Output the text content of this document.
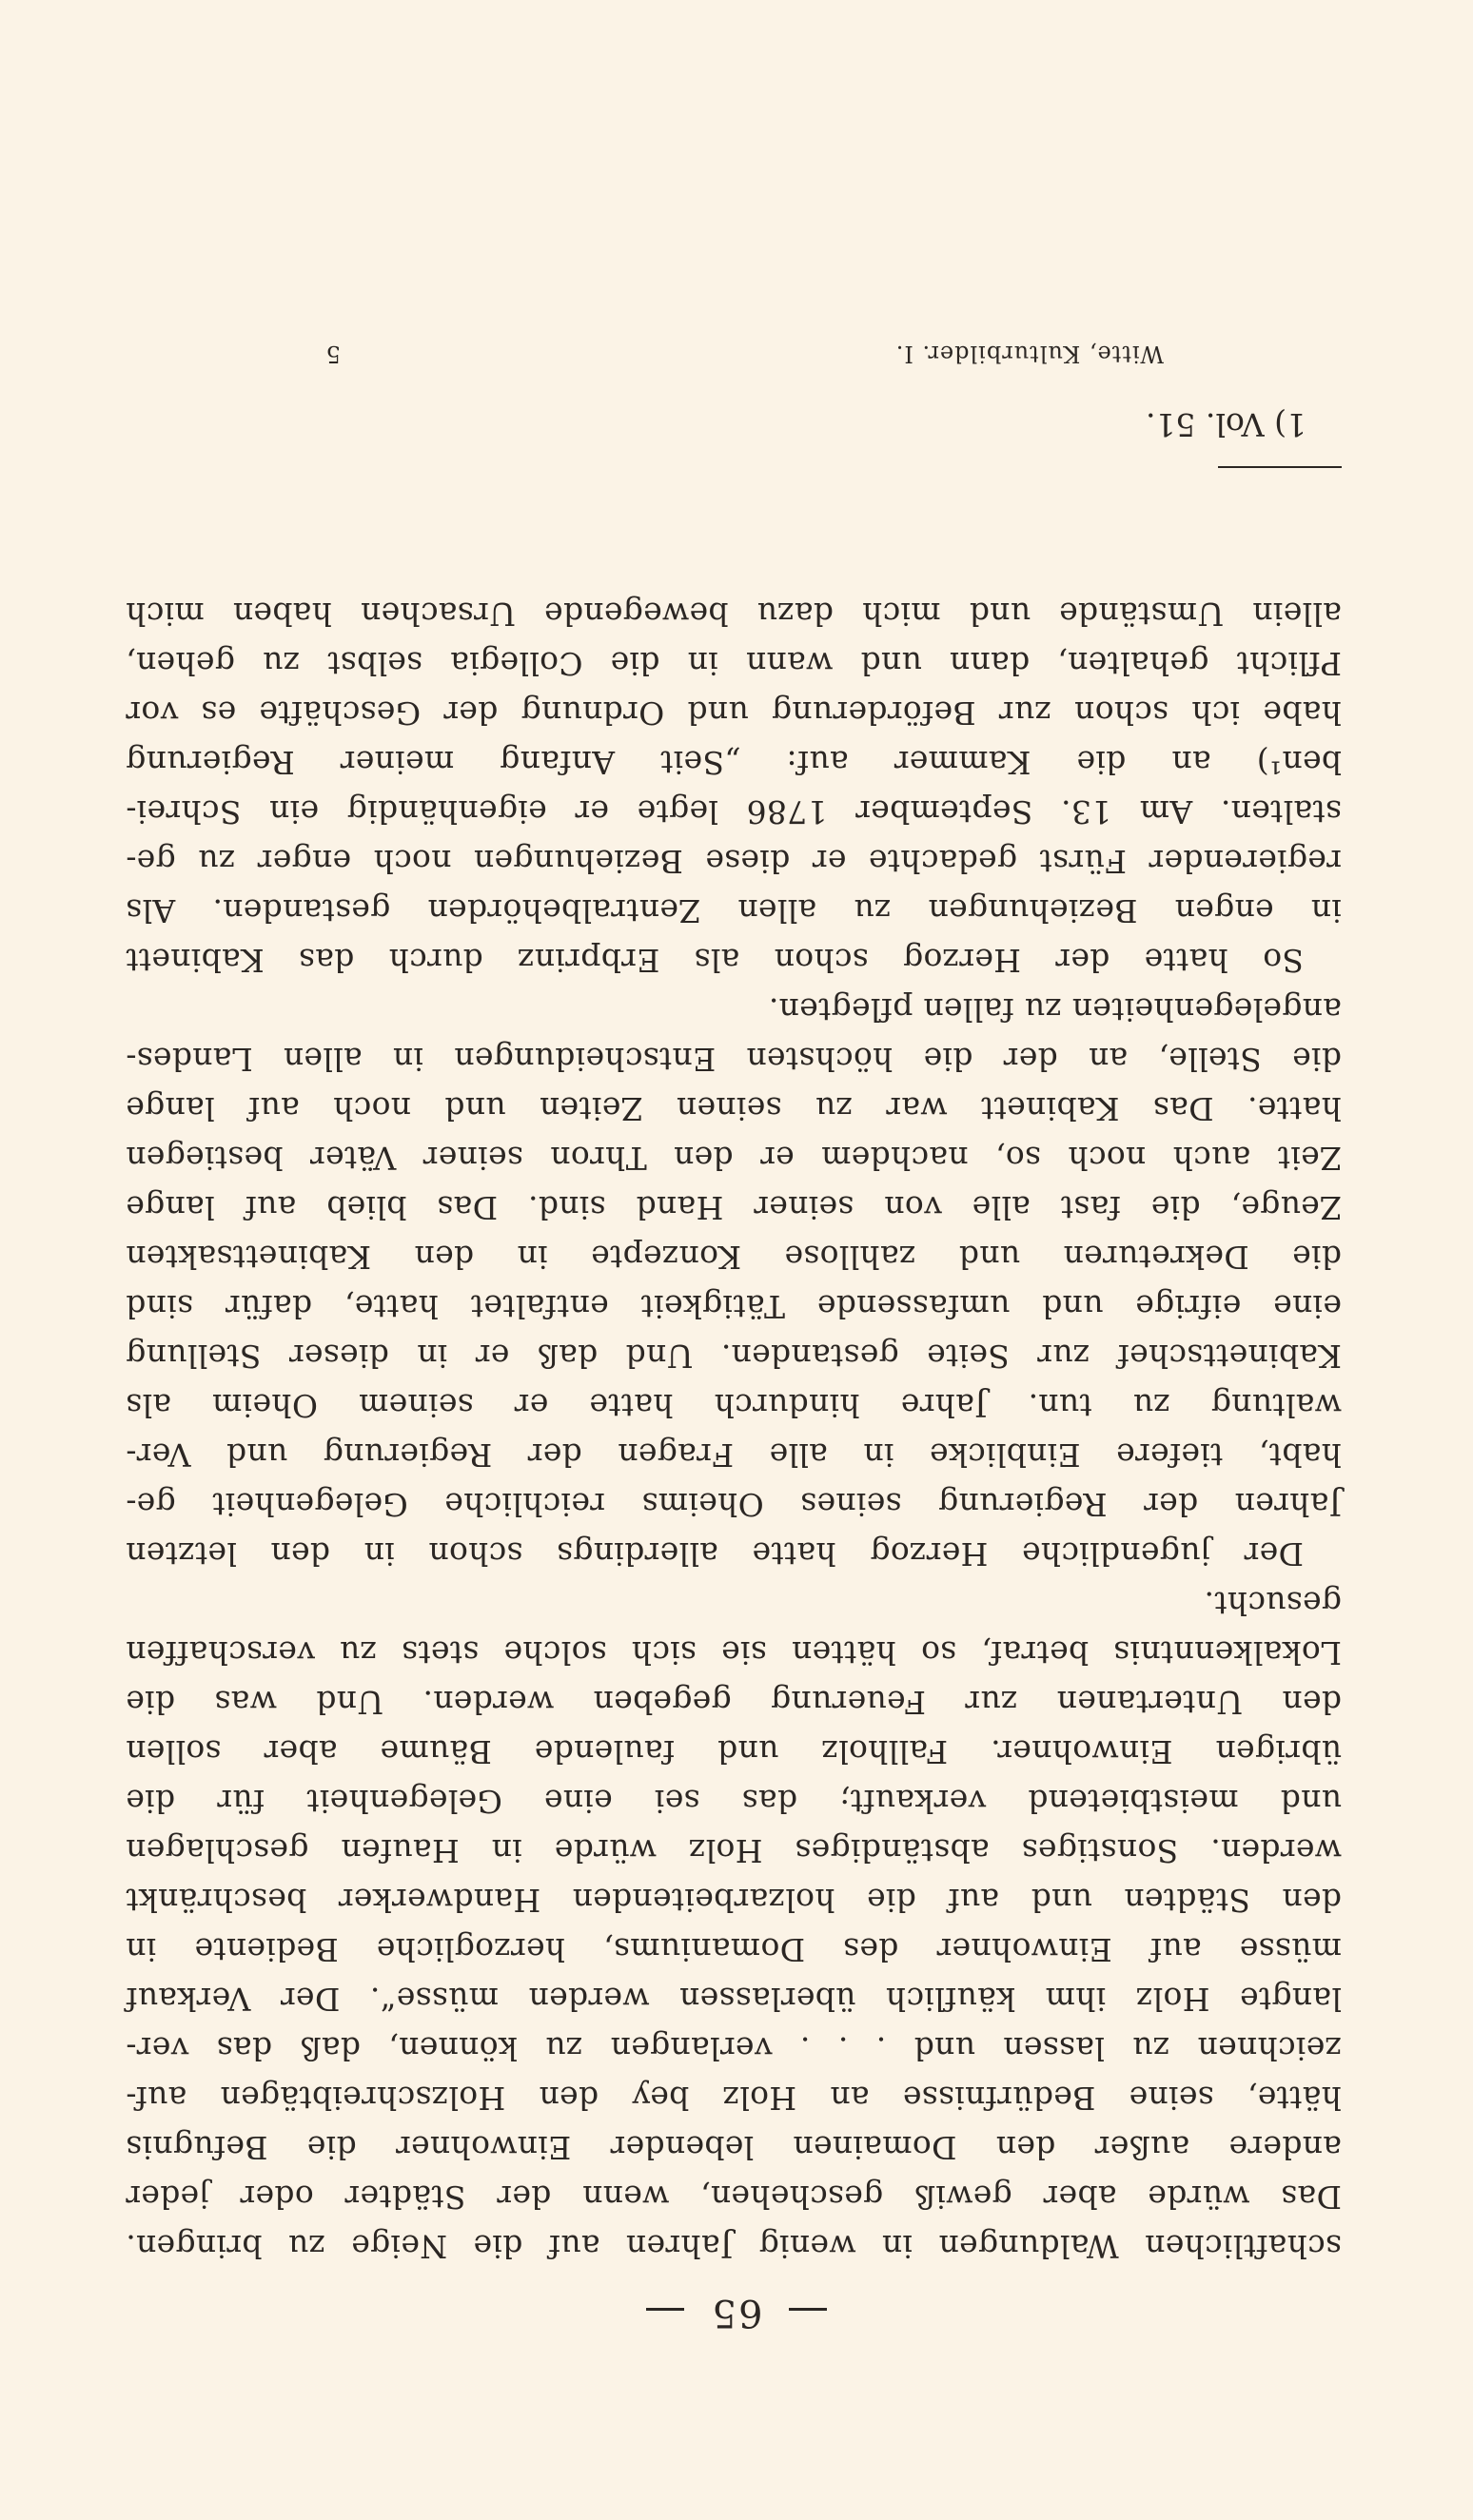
65

schaftlichen Waldungen in wenig Jahren auf die Neige zu bringen.

Das würde aber gewiß geschehen, wenn der Städter oder jeder

andere außer den Domainen lebender Einwohner die Befugnis

hätte, seine Bedürfnisse an Holz bey den Holzschreibtägen auf-

zeichnen zu lassen und . . . verlangen zu können, daß das ver-

langte Holz ihm käuflich überlassen werden müsse“. Der Verkauf

müsse auf Einwohner des Domaniums, herzogliche Bediente in

den Städten und auf die holzarbeitenden Handwerker beschränkt

werden. Sonstiges abständiges Holz würde in Haufen geschlagen

und meistbietend verkauft; das sei eine Gelegenheit für die

übrigen Einwohner. Fallholz und faulende Bäume aber sollen

den Untertanen zur Feuerung gegeben werden. Und was die

Lokalkenntnis betraf, so hätten sie sich solche stets zu verschaffen

gesucht.

Der jugendliche Herzog hatte allerdings schon in den letzten

Jahren der Regierung seines Oheims reichliche Gelegenheit ge-

habt, tiefere Einblicke in alle Fragen der Regierung und Ver-

waltung zu tun. Jahre hindurch hatte er seinem Oheim als

Kabinettschef zur Seite gestanden. Und daß er in dieser Stellung

eine eifrige und umfassende Tätigkeit entfaltet hatte, dafür sind

die Dekreturen und zahllose Konzepte in den Kabinettsakten

Zeuge, die fast alle von seiner Hand sind. Das blieb auf lange

Zeit auch noch so, nachdem er den Thron seiner Väter bestiegen

hatte. Das Kabinett war zu seinen Zeiten und noch auf lange

die Stelle, an der die höchsten Entscheidungen in allen Landes-

angelegenheiten zu fallen pflegten.

So hatte der Herzog schon als Erbprinz durch das Kabinett

in engen Beziehungen zu allen Zentralbehörden gestanden. Als

regierender Fürst gedachte er diese Beziehungen noch enger zu ge-

stalten. Am 13. September 1786 legte er eigenhändig ein Schrei-

ben¹) an die Kammer auf: „Seit Anfang meiner Regierung

habe ich schon zur Beförderung und Ordnung der Geschäfte es vor

Pflicht gehalten, dann und wann in die Collegia selbst zu gehen,

allein Umstände und mich dazu bewegende Ursachen haben mich

1) Vol. 51.
Witte, Kulturbilder. I.
5
